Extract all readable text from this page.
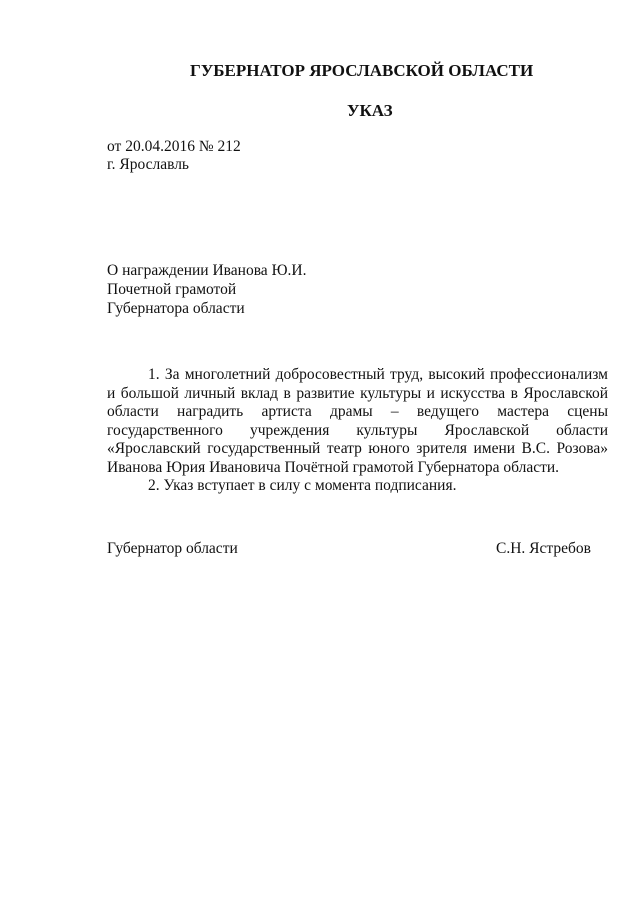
ГУБЕРНАТОР ЯРОСЛАВСКОЙ ОБЛАСТИ
УКАЗ
от 20.04.2016 № 212
г. Ярославль
О награждении Иванова Ю.И.
Почетной грамотой
Губернатора области

1. За многолетний добросовестный труд, высокий профессионализм и большой личный вклад в развитие культуры и искусства в Ярославской области наградить артиста драмы – ведущего мастера сцены государственного учреждения культуры Ярославской области «Ярославский государственный театр юного зрителя имени В.С. Розова» Иванова Юрия Ивановича Почётной грамотой Губернатора области.

2. Указ вступает в силу с момента подписания.

Губернатор области	С.Н. Ястребов
